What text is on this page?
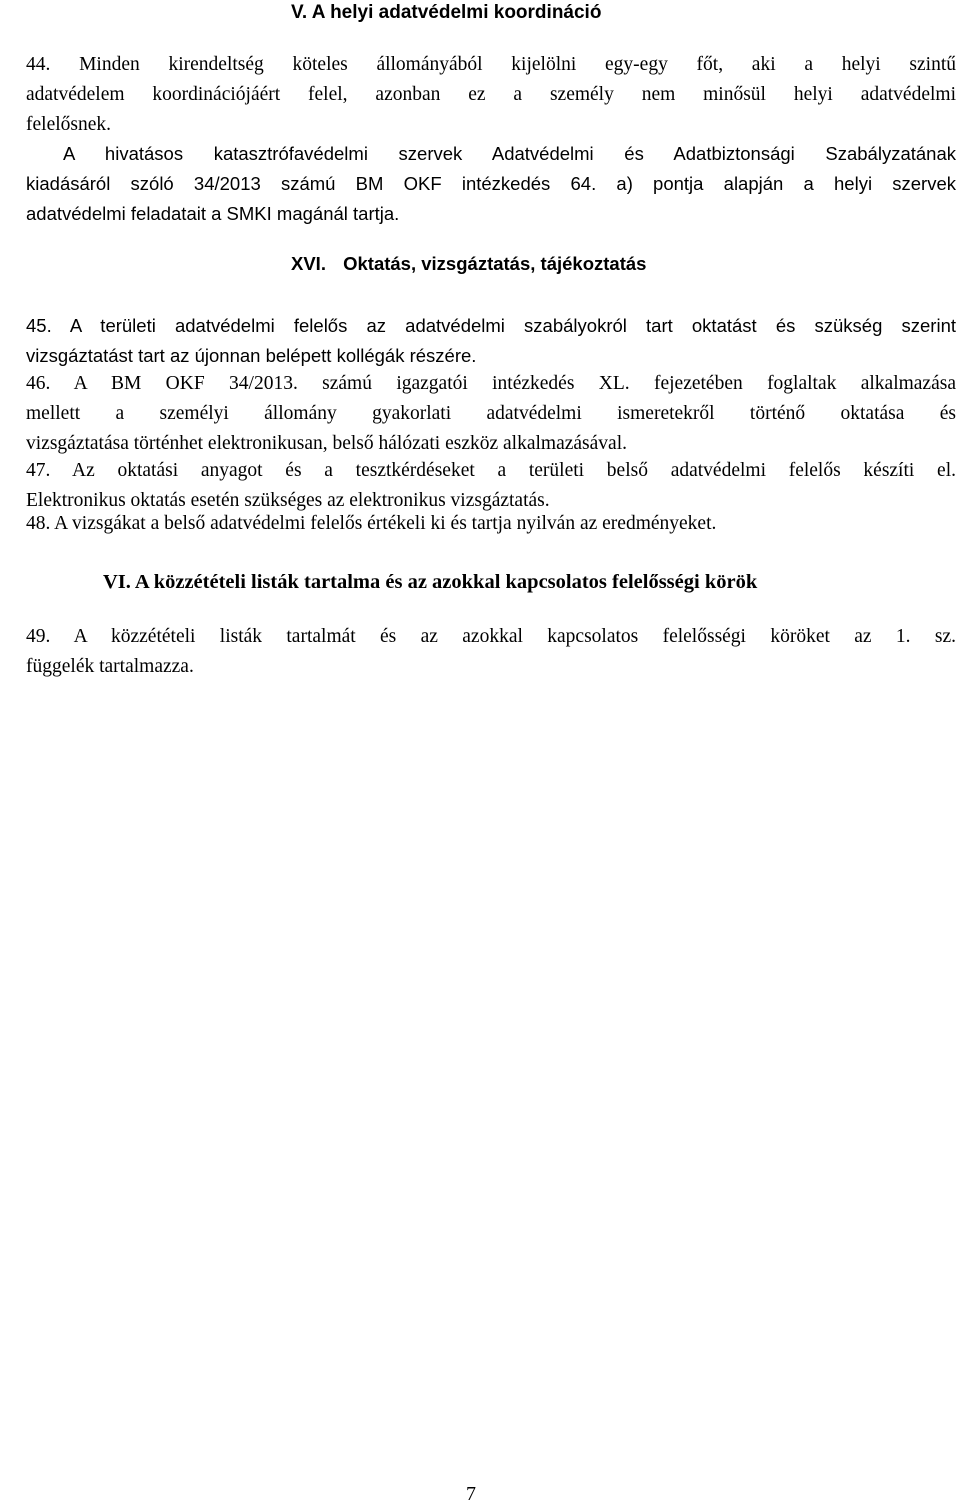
V. A helyi adatvédelmi koordináció
44. Minden kirendeltség köteles állományából kijelölni egy-egy főt, aki a helyi szintű
adatvédelem koordinációjáért felel, azonban ez a személy nem minősül helyi adatvédelmi
felelősnek.
A hivatásos katasztrófavédelmi szervek Adatvédelmi és Adatbiztonsági Szabályzatának
kiadásáról szóló 34/2013 számú BM OKF intézkedés 64. a) pontja alapján a helyi szervek
adatvédelmi feladatait a SMKI magánál tartja.
XVI. Oktatás, vizsgáztatás, tájékoztatás
45. A területi adatvédelmi felelős az adatvédelmi szabályokról tart oktatást és szükség szerint
vizsgáztatást tart az újonnan belépett kollégák részére.
46. A BM OKF 34/2013. számú igazgatói intézkedés XL. fejezetében foglaltak alkalmazása
mellett a személyi állomány gyakorlati adatvédelmi ismeretekről történő oktatása és
vizsgáztatása történhet elektronikusan, belső hálózati eszköz alkalmazásával.
47. Az oktatási anyagot és a tesztkérdéseket a területi belső adatvédelmi felelős készíti el.
Elektronikus oktatás esetén szükséges az elektronikus vizsgáztatás.
48. A vizsgákat a belső adatvédelmi felelős értékeli ki és tartja nyilván az eredményeket.
VI. A közzétételi listák tartalma és az azokkal kapcsolatos felelősségi körök
49. A közzétételi listák tartalmát és az azokkal kapcsolatos felelősségi köröket az 1. sz.
függelék tartalmazza.
7
